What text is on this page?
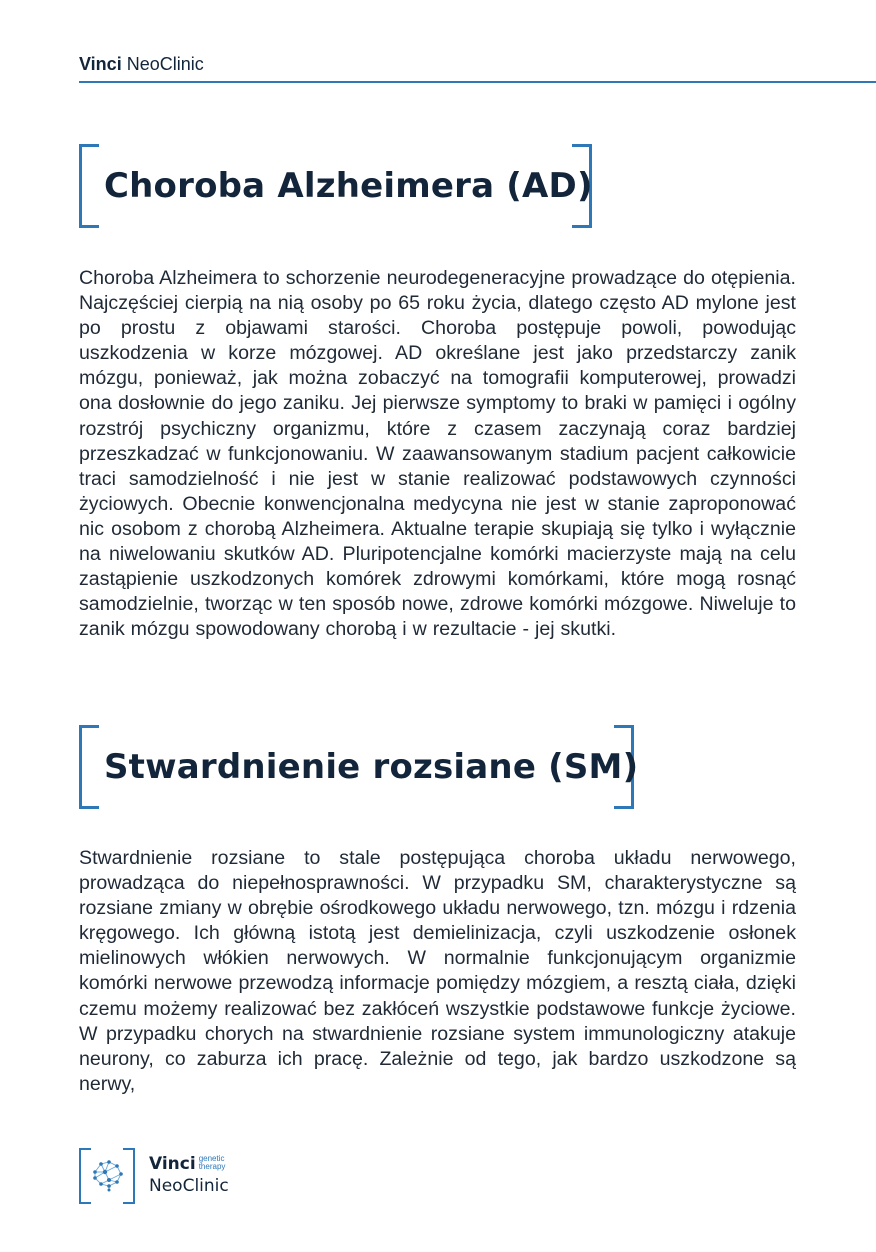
Vinci NeoClinic
Choroba Alzheimera (AD)

Choroba Alzheimera to schorzenie neurodegeneracyjne prowadzące do otępienia. Najczęściej cierpią na nią osoby po 65 roku życia, dlatego często AD mylone jest po prostu z objawami starości. Choroba postępuje powoli, powodując uszkodzenia w korze mózgowej. AD określane jest jako przedstarczy zanik mózgu, ponieważ, jak można zobaczyć na tomografii komputerowej, prowadzi ona dosłownie do jego zaniku. Jej pierwsze symptomy to braki w pamięci i ogólny rozstrój psychiczny organizmu, które z czasem zaczynają coraz bardziej przeszkadzać w funkcjonowaniu. W zaawansowanym stadium pacjent całkowicie traci samodzielność i nie jest w stanie realizować podstawowych czynności życiowych. Obecnie konwencjonalna medycyna nie jest w stanie zaproponować nic osobom z chorobą Alzheimera. Aktualne terapie skupiają się tylko i wyłącznie na niwelowaniu skutków AD. Pluripotencjalne komórki macierzyste mają na celu zastąpienie uszkodzonych komórek zdrowymi komórkami, które mogą rosnąć samodzielnie, tworząc w ten sposób nowe, zdrowe komórki mózgowe. Niweluje to zanik mózgu spowodowany chorobą i w rezultacie - jej skutki.

Stwardnienie rozsiane (SM)

Stwardnienie rozsiane to stale postępująca choroba układu nerwowego, prowadząca do niepełnosprawności. W przypadku SM, charakterystyczne są rozsiane zmiany w obrębie ośrodkowego układu nerwowego, tzn. mózgu i rdzenia kręgowego. Ich główną istotą jest demielinizacja, czyli uszkodzenie osłonek mielinowych włókien nerwowych. W normalnie funkcjonującym organizmie komórki nerwowe przewodzą informacje pomiędzy mózgiem, a resztą ciała, dzięki czemu możemy realizować bez zakłóceń wszystkie podstawowe funkcje życiowe. W przypadku chorych na stwardnienie rozsiane system immunologiczny atakuje neurony, co zaburza ich pracę. Zależnie od tego, jak bardzo uszkodzone są nerwy,

Vinci genetic
therapy
NeoClinic
